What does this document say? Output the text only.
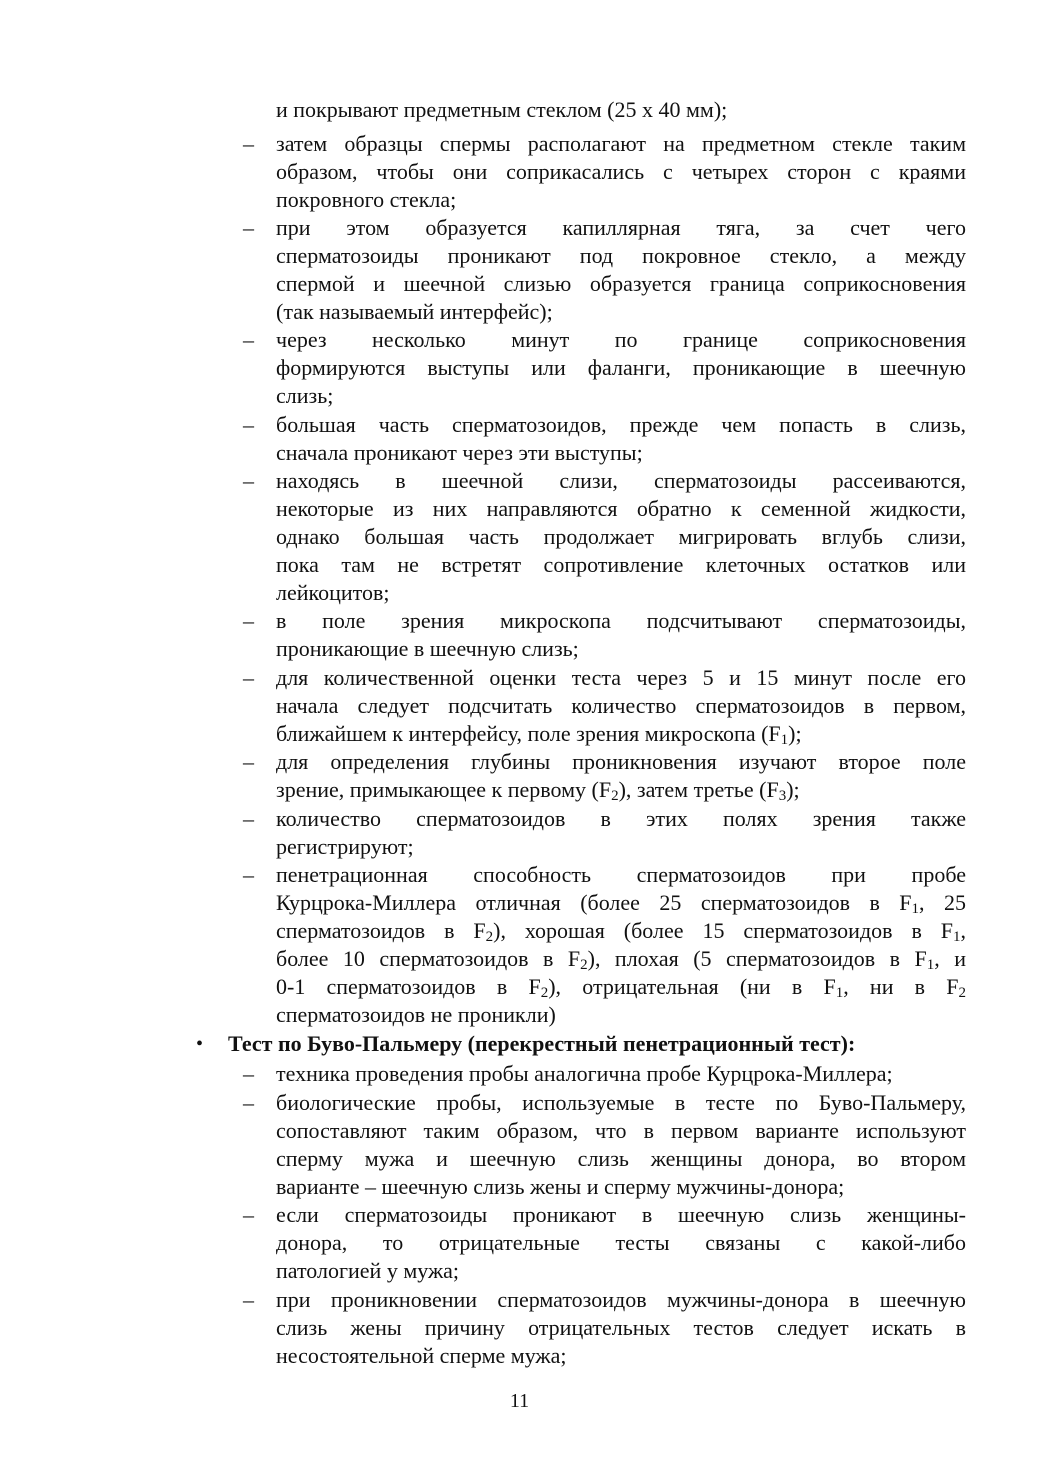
и покрывают предметным стеклом (25 х 40 мм);
– затем образцы спермы располагают на предметном стекле таким
образом, чтобы они соприкасались с четырех сторон с краями
покровного стекла;
– при этом образуется капиллярная тяга, за счет чего
сперматозоиды проникают под покровное стекло, а между
спермой и шеечной слизью образуется граница соприкосновения
(так называемый интерфейс);
– через несколько минут по границе соприкосновения
формируются выступы или фаланги, проникающие в шеечную
слизь;
– большая часть сперматозоидов, прежде чем попасть в слизь,
сначала проникают через эти выступы;
– находясь в шеечной слизи, сперматозоиды рассеиваются,
некоторые из них направляются обратно к семенной жидкости,
однако большая часть продолжает мигрировать вглубь слизи,
пока там не встретят сопротивление клеточных остатков или
лейкоцитов;
– в поле зрения микроскопа подсчитывают сперматозоиды,
проникающие в шеечную слизь;
– для количественной оценки теста через 5 и 15 минут после его
начала следует подсчитать количество сперматозоидов в первом,
ближайшем к интерфейсу, поле зрения микроскопа $(F_1)$;
– для определения глубины проникновения изучают второе поле
зрение, примыкающее к первому $(F_2)$, затем третье $(F_3)$;
– количество сперматозоидов в этих полях зрения также
регистрируют;
– пенетрационная способность сперматозоидов при пробе
Курцрока-Миллера отличная (более 25 сперматозоидов в $F_1$, 25
сперматозоидов в $F_2$), хорошая (более 15 сперматозоидов в $F_1$,
более 10 сперматозоидов в $F_2$), плохая (5 сперматозоидов в $F_1$, и
0-1 сперматозоидов в $F_2$), отрицательная (ни в $F_1$, ни в $F_2$
сперматозоидов не проникли)
• Тест по Буво-Пальмеру (перекрестный пенетрационный тест):
– техника проведения пробы аналогична пробе Курцрока-Миллера;
– биологические пробы, используемые в тесте по Буво-Пальмеру,
сопоставляют таким образом, что в первом варианте используют
сперму мужа и шеечную слизь женщины донора, во втором
варианте – шеечную слизь жены и сперму мужчины-донора;
– если сперматозоиды проникают в шеечную слизь женщины-
донора, то отрицательные тесты связаны с какой-либо
патологией у мужа;
– при проникновении сперматозоидов мужчины-донора в шеечную
слизь жены причину отрицательных тестов следует искать в
несостоятельной сперме мужа;
11
